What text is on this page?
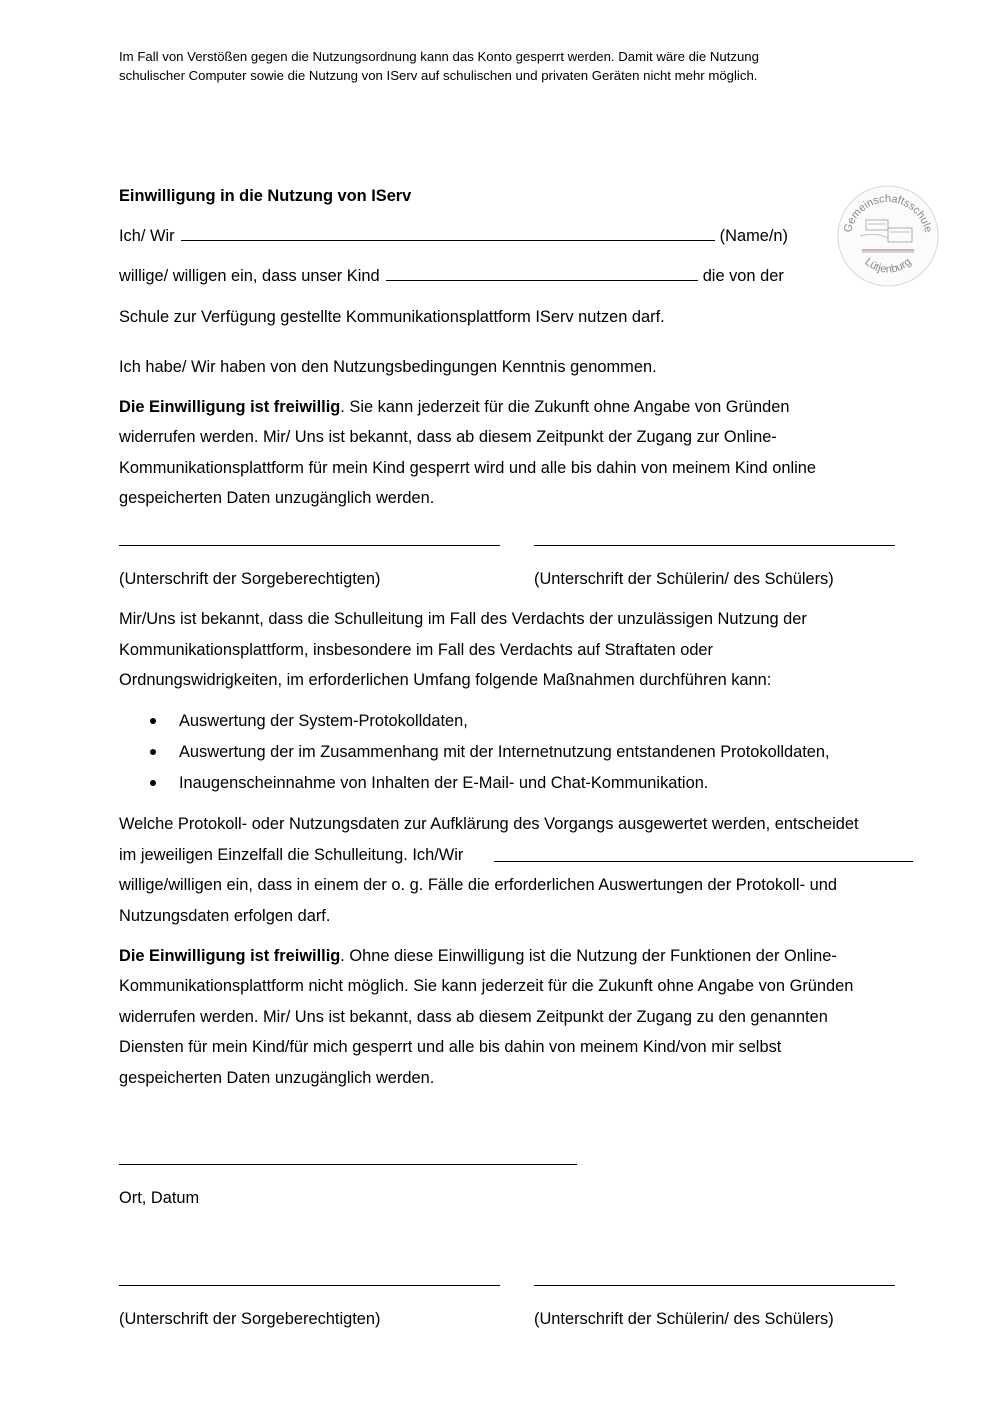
Im Fall von Verstößen gegen die Nutzungsordnung kann das Konto gesperrt werden. Damit wäre die Nutzung
schulischer Computer sowie die Nutzung von IServ auf schulischen und privaten Geräten nicht mehr möglich.
Gemeinschaftsschule
Lütjenburg
Einwilligung in die Nutzung von IServ
Ich/ Wir	(Name/n)
willige/ willigen ein, dass unser Kind	die von der
Schule zur Verfügung gestellte Kommunikationsplattform IServ nutzen darf.
Ich habe/ Wir haben von den Nutzungsbedingungen Kenntnis genommen.
Die Einwilligung ist freiwillig. Sie kann jederzeit für die Zukunft ohne Angabe von Gründen
widerrufen werden. Mir/ Uns ist bekannt, dass ab diesem Zeitpunkt der Zugang zur Online-
Kommunikationsplattform für mein Kind gesperrt wird und alle bis dahin von meinem Kind online
gespeicherten Daten unzugänglich werden.
(Unterschrift der Sorgeberechtigten)	(Unterschrift der Schülerin/ des Schülers)
Mir/Uns ist bekannt, dass die Schulleitung im Fall des Verdachts der unzulässigen Nutzung der
Kommunikationsplattform, insbesondere im Fall des Verdachts auf Straftaten oder
Ordnungswidrigkeiten, im erforderlichen Umfang folgende Maßnahmen durchführen kann:
Auswertung der System-Protokolldaten,
Auswertung der im Zusammenhang mit der Internetnutzung entstandenen Protokolldaten,
Inaugenscheinnahme von Inhalten der E-Mail- und Chat-Kommunikation.
Welche Protokoll- oder Nutzungsdaten zur Aufklärung des Vorgangs ausgewertet werden, entscheidet
im jeweiligen Einzelfall die Schulleitung. Ich/Wir
willige/willigen ein, dass in einem der o. g. Fälle die erforderlichen Auswertungen der Protokoll- und
Nutzungsdaten erfolgen darf.
Die Einwilligung ist freiwillig. Ohne diese Einwilligung ist die Nutzung der Funktionen der Online-
Kommunikationsplattform nicht möglich. Sie kann jederzeit für die Zukunft ohne Angabe von Gründen
widerrufen werden. Mir/ Uns ist bekannt, dass ab diesem Zeitpunkt der Zugang zu den genannten
Diensten für mein Kind/für mich gesperrt und alle bis dahin von meinem Kind/von mir selbst
gespeicherten Daten unzugänglich werden.
Ort, Datum
(Unterschrift der Sorgeberechtigten)	(Unterschrift der Schülerin/ des Schülers)
